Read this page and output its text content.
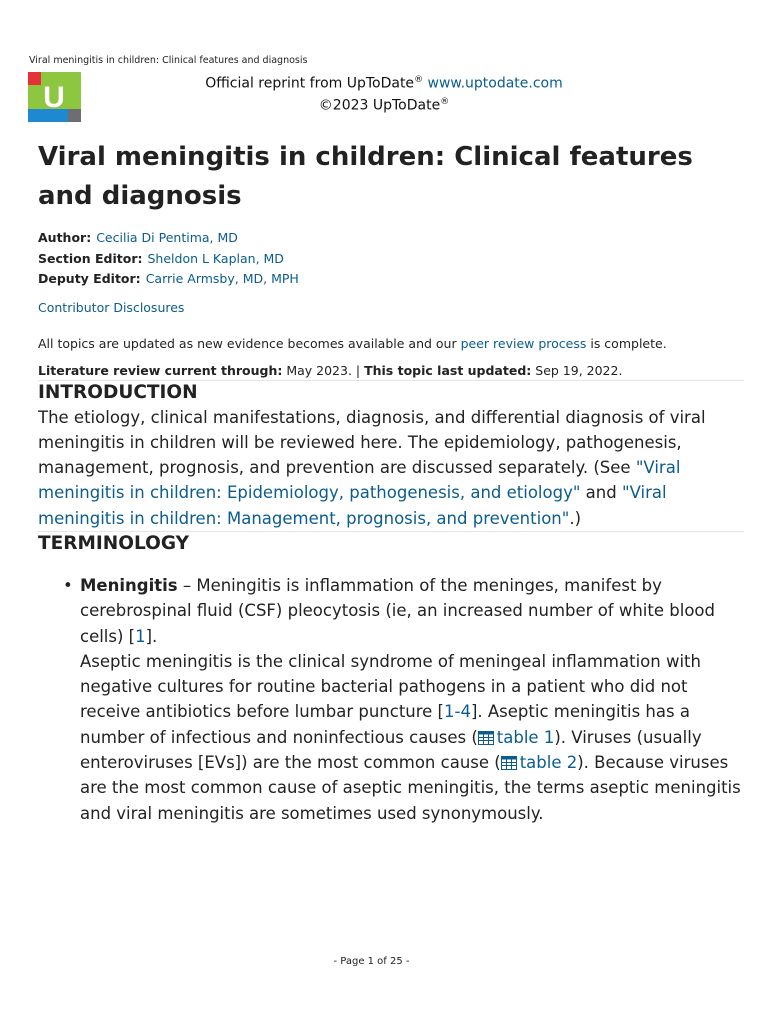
Viral meningitis in children: Clinical features and diagnosis
U	Official reprint from UpToDate® www.uptodate.com
©2023 UpToDate®
Viral meningitis in children: Clinical features and diagnosis
Author: Cecilia Di Pentima, MD
Section Editor: Sheldon L Kaplan, MD
Deputy Editor: Carrie Armsby, MD, MPH
Contributor Disclosures
All topics are updated as new evidence becomes available and our peer review process is complete.
Literature review current through: May 2023. | This topic last updated: Sep 19, 2022.
INTRODUCTION

The etiology, clinical manifestations, diagnosis, and differential diagnosis of viral meningitis in children will be reviewed here. The epidemiology, pathogenesis, management, prognosis, and prevention are discussed separately. (See "Viral meningitis in children: Epidemiology, pathogenesis, and etiology" and "Viral meningitis in children: Management, prognosis, and prevention".)

TERMINOLOGY
• Meningitis – Meningitis is inflammation of the meninges, manifest by cerebrospinal fluid (CSF) pleocytosis (ie, an increased number of white blood cells) [1].

Aseptic meningitis is the clinical syndrome of meningeal inflammation with negative cultures for routine bacterial pathogens in a patient who did not receive antibiotics before lumbar puncture [1-4]. Aseptic meningitis has a number of infectious and noninfectious causes ( table 1). Viruses (usually enteroviruses [EVs]) are the most common cause ( table 2). Because viruses are the most common cause of aseptic meningitis, the terms aseptic meningitis and viral meningitis are sometimes used synonymously.

- Page 1 of 25 -
